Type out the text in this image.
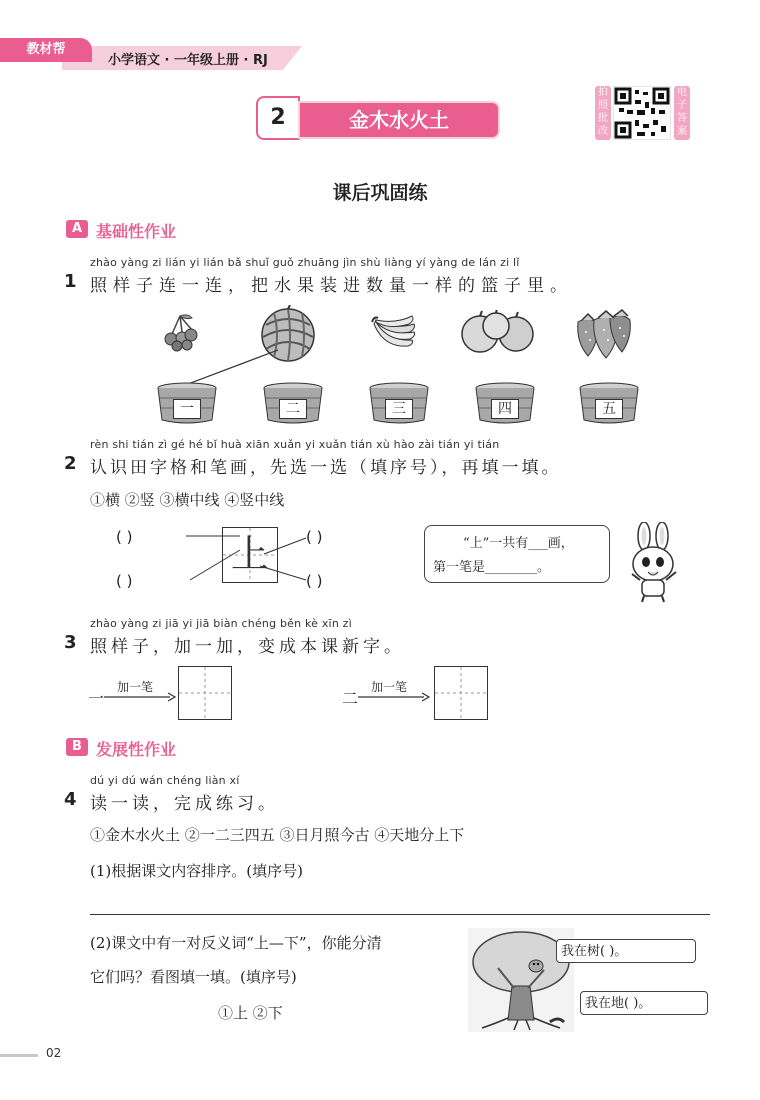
教材帮
小学语文 · 一年级上册 · RJ
2	金木水火土
拍照批改
电子答案
课后巩固练
A 基础性作业
zhào yàng zi lián yi lián bǎ shuǐ guǒ zhuāng jìn shù liàng yí yàng de lán zi lǐ
1 照样子连一连，把水果装进数量一样的篮子里。
一	二	三	四	五
rèn shi tián zì gé hé bǐ huà xiān xuǎn yi xuǎn tián xù hào zài tián yi tián
2 认识田字格和笔画，先选一选（填序号），再填一填。
①横 ②竖 ③横中线 ④竖中线
( )
( )
( )
( )
上	“上”一共有___画，
第一笔是________。
zhào yàng zi jiā yi jiā biàn chéng běn kè xīn zì
3 照样子，加一加，变成本课新字。
一
加一笔
二
加一笔
B 发展性作业
dú yi dú wán chéng liàn xí
4 读一读，完成练习。
①金木水火土 ②一二三四五 ③日月照今古 ④天地分上下
(1)根据课文内容排序。(填序号)
(2)课文中有一对反义词“上—下”，你能分清
它们吗？看图填一填。(填序号)
①上 ②下
我在树( )。
我在地( )。
02
